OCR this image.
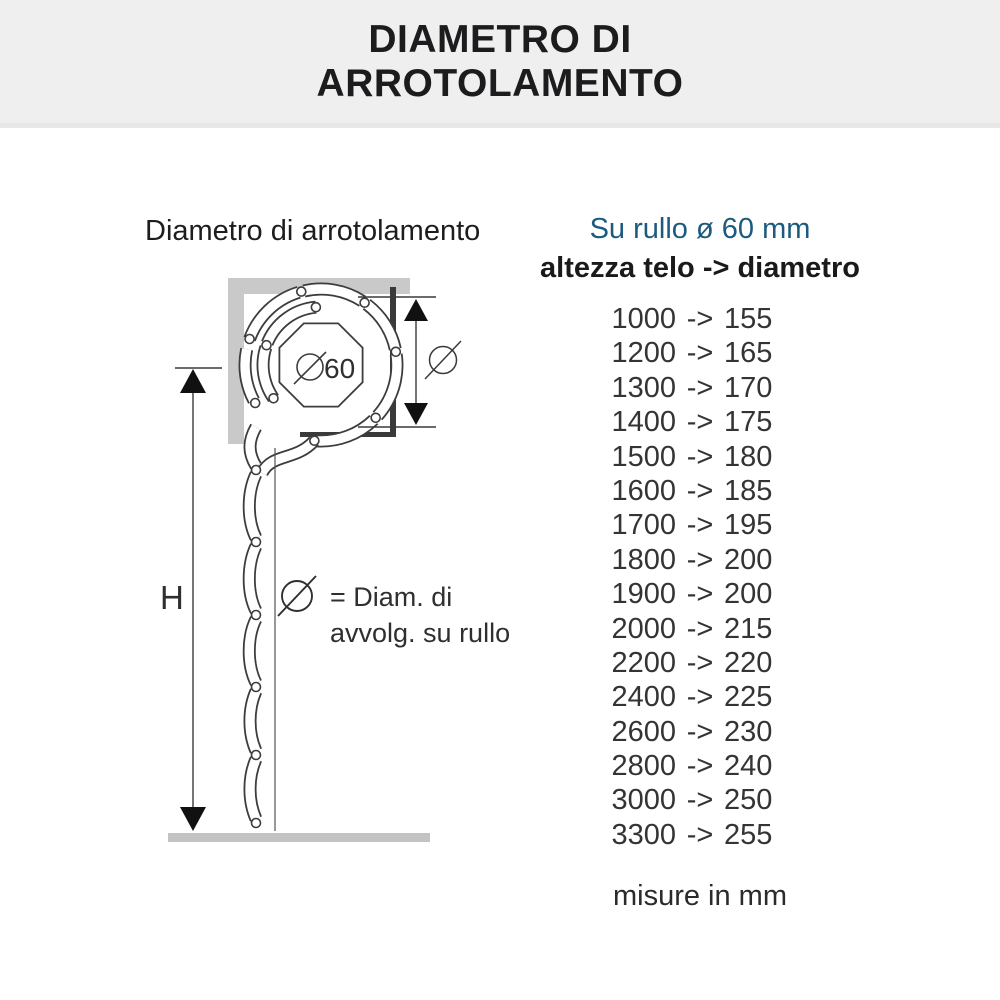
DIAMETRO DI
ARROTOLAMENTO
Diametro di arrotolamento
60
H	= Diam. di
avvolg. su rullo
Su rullo ø 60 mm
altezza telo -> diametro
1000 -> 155
1200 -> 165
1300 -> 170
1400 -> 175
1500 -> 180
1600 -> 185
1700 -> 195
1800 -> 200
1900 -> 200
2000 -> 215
2200 -> 220
2400 -> 225
2600 -> 230
2800 -> 240
3000 -> 250
3300 -> 255
misure in mm
